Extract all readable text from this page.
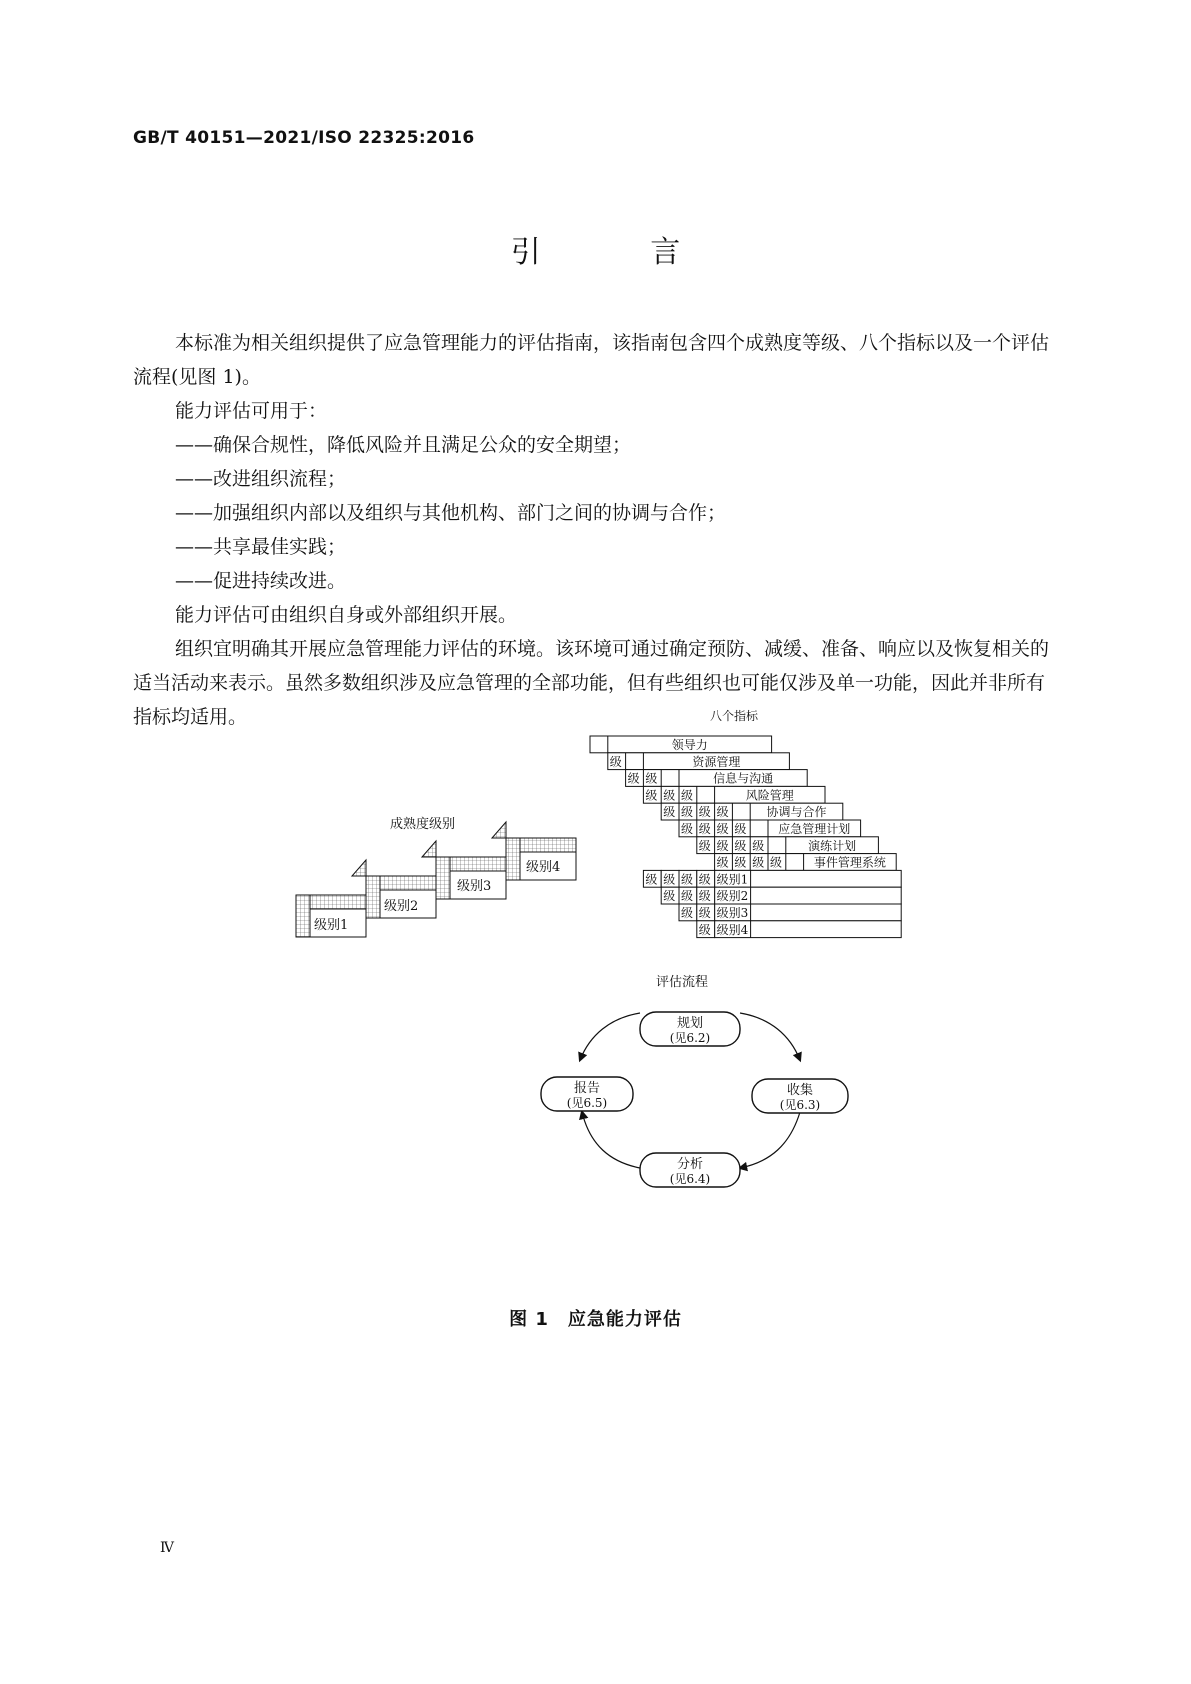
GB/T 40151—2021/ISO 22325:2016
引 言
本标准为相关组织提供了应急管理能力的评估指南，该指南包含四个成熟度等级、八个指标以及一个评估流程(见图 1)。
能力评估可用于：
——确保合规性，降低风险并且满足公众的安全期望；
——改进组织流程；
——加强组织内部以及组织与其他机构、部门之间的协调与合作；
——共享最佳实践；
——促进持续改进。
能力评估可由组织自身或外部组织开展。
组织宜明确其开展应急管理能力评估的环境。该环境可通过确定预防、减缓、准备、响应以及恢复相关的适当活动来表示。虽然多数组织涉及应急管理的全部功能，但有些组织也可能仅涉及单一功能，因此并非所有指标均适用。
成熟度级别
级别1
级别2
级别3
级别4
八个指标
领导力
级	资源管理
级 级	信息与沟通
级 级 级	风险管理
级 级 级 级	协调与合作
级 级 级 级	应急管理计划
级 级 级 级	演练计划
级 级 级 级	事件管理系统
级 级 级 级 级别1
级 级 级 级别2
级 级 级别3
级 级别4
评估流程
规划
(见6.2)
收集
(见6.3)
分析
(见6.4)
报告
(见6.5)
图 1　应急能力评估
Ⅳ
